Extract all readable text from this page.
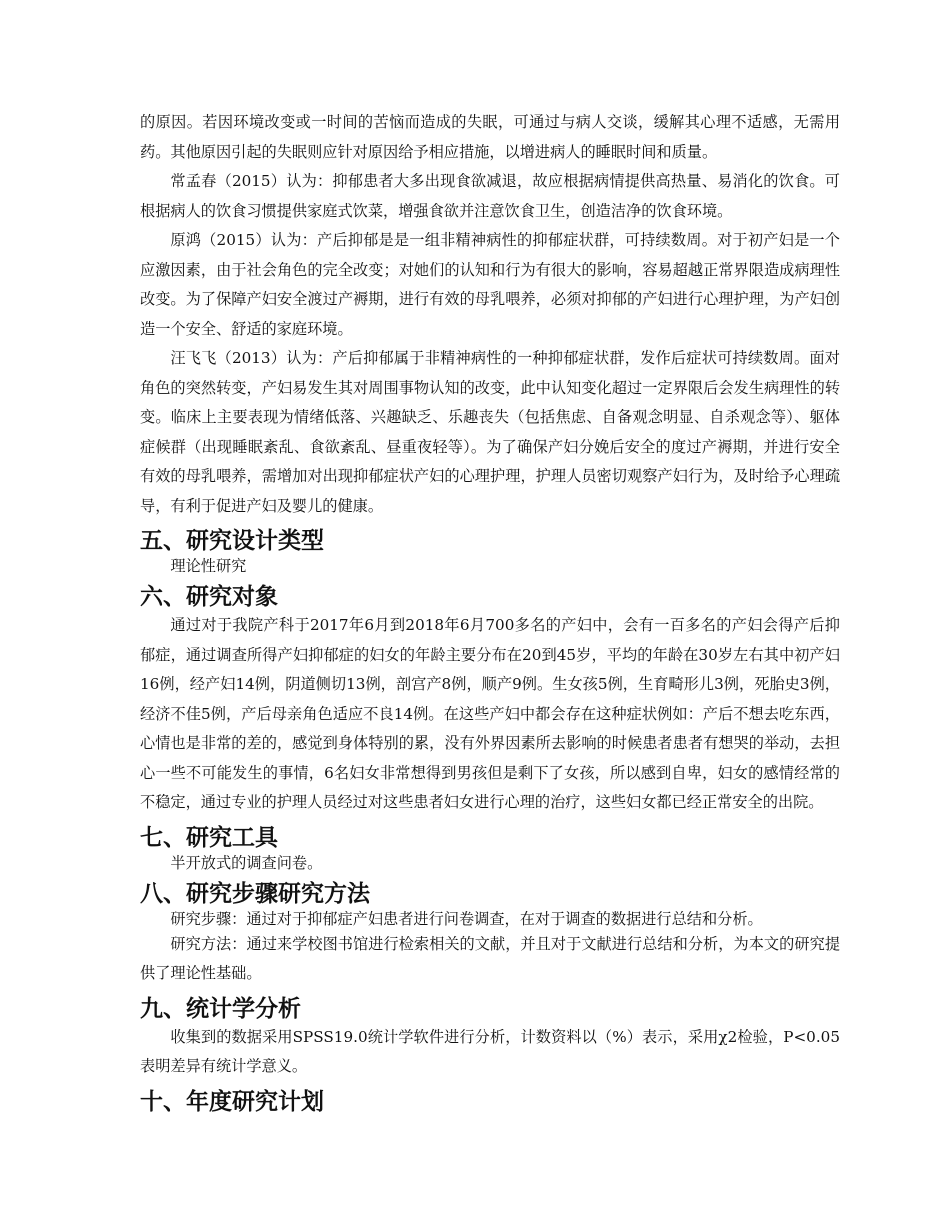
的原因。若因环境改变或一时间的苦恼而造成的失眠，可通过与病人交谈，缓解其心理不适感，无需用药。其他原因引起的失眠则应针对原因给予相应措施，以增进病人的睡眠时间和质量。

常孟春（2015）认为：抑郁患者大多出现食欲减退，故应根据病情提供高热量、易消化的饮食。可根据病人的饮食习惯提供家庭式饮菜，增强食欲并注意饮食卫生，创造洁净的饮食环境。

原鸿（2015）认为：产后抑郁是是一组非精神病性的抑郁症状群，可持续数周。对于初产妇是一个应激因素，由于社会角色的完全改变；对她们的认知和行为有很大的影响，容易超越正常界限造成病理性改变。为了保障产妇安全渡过产褥期，进行有效的母乳喂养，必须对抑郁的产妇进行心理护理，为产妇创造一个安全、舒适的家庭环境。

汪飞飞（2013）认为：产后抑郁属于非精神病性的一种抑郁症状群，发作后症状可持续数周。面对角色的突然转变，产妇易发生其对周围事物认知的改变，此中认知变化超过一定界限后会发生病理性的转变。临床上主要表现为情绪低落、兴趣缺乏、乐趣丧失（包括焦虑、自备观念明显、自杀观念等）、躯体症候群（出现睡眠紊乱、食欲紊乱、昼重夜轻等）。为了确保产妇分娩后安全的度过产褥期，并进行安全有效的母乳喂养，需增加对出现抑郁症状产妇的心理护理，护理人员密切观察产妇行为，及时给予心理疏导，有利于促进产妇及婴儿的健康。

五、研究设计类型

理论性研究

六、研究对象

通过对于我院产科于2017年6月到2018年6月700多名的产妇中，会有一百多名的产妇会得产后抑郁症，通过调查所得产妇抑郁症的妇女的年龄主要分布在20到45岁，平均的年龄在30岁左右其中初产妇16例，经产妇14例，阴道侧切13例，剖宫产8例，顺产9例。生女孩5例，生育畸形儿3例，死胎史3例，经济不佳5例，产后母亲角色适应不良14例。在这些产妇中都会存在这种症状例如：产后不想去吃东西，心情也是非常的差的，感觉到身体特别的累，没有外界因素所去影响的时候患者患者有想哭的举动，去担心一些不可能发生的事情，6名妇女非常想得到男孩但是剩下了女孩，所以感到自卑，妇女的感情经常的不稳定，通过专业的护理人员经过对这些患者妇女进行心理的治疗，这些妇女都已经正常安全的出院。

七、研究工具

半开放式的调查问卷。

八、研究步骤研究方法

研究步骤：通过对于抑郁症产妇患者进行问卷调查，在对于调查的数据进行总结和分析。

研究方法：通过来学校图书馆进行检索相关的文献，并且对于文献进行总结和分析，为本文的研究提供了理论性基础。

九、统计学分析

收集到的数据采用SPSS19.0统计学软件进行分析，计数资料以（%）表示，采用χ2检验，P<0.05表明差异有统计学意义。

十、年度研究计划
